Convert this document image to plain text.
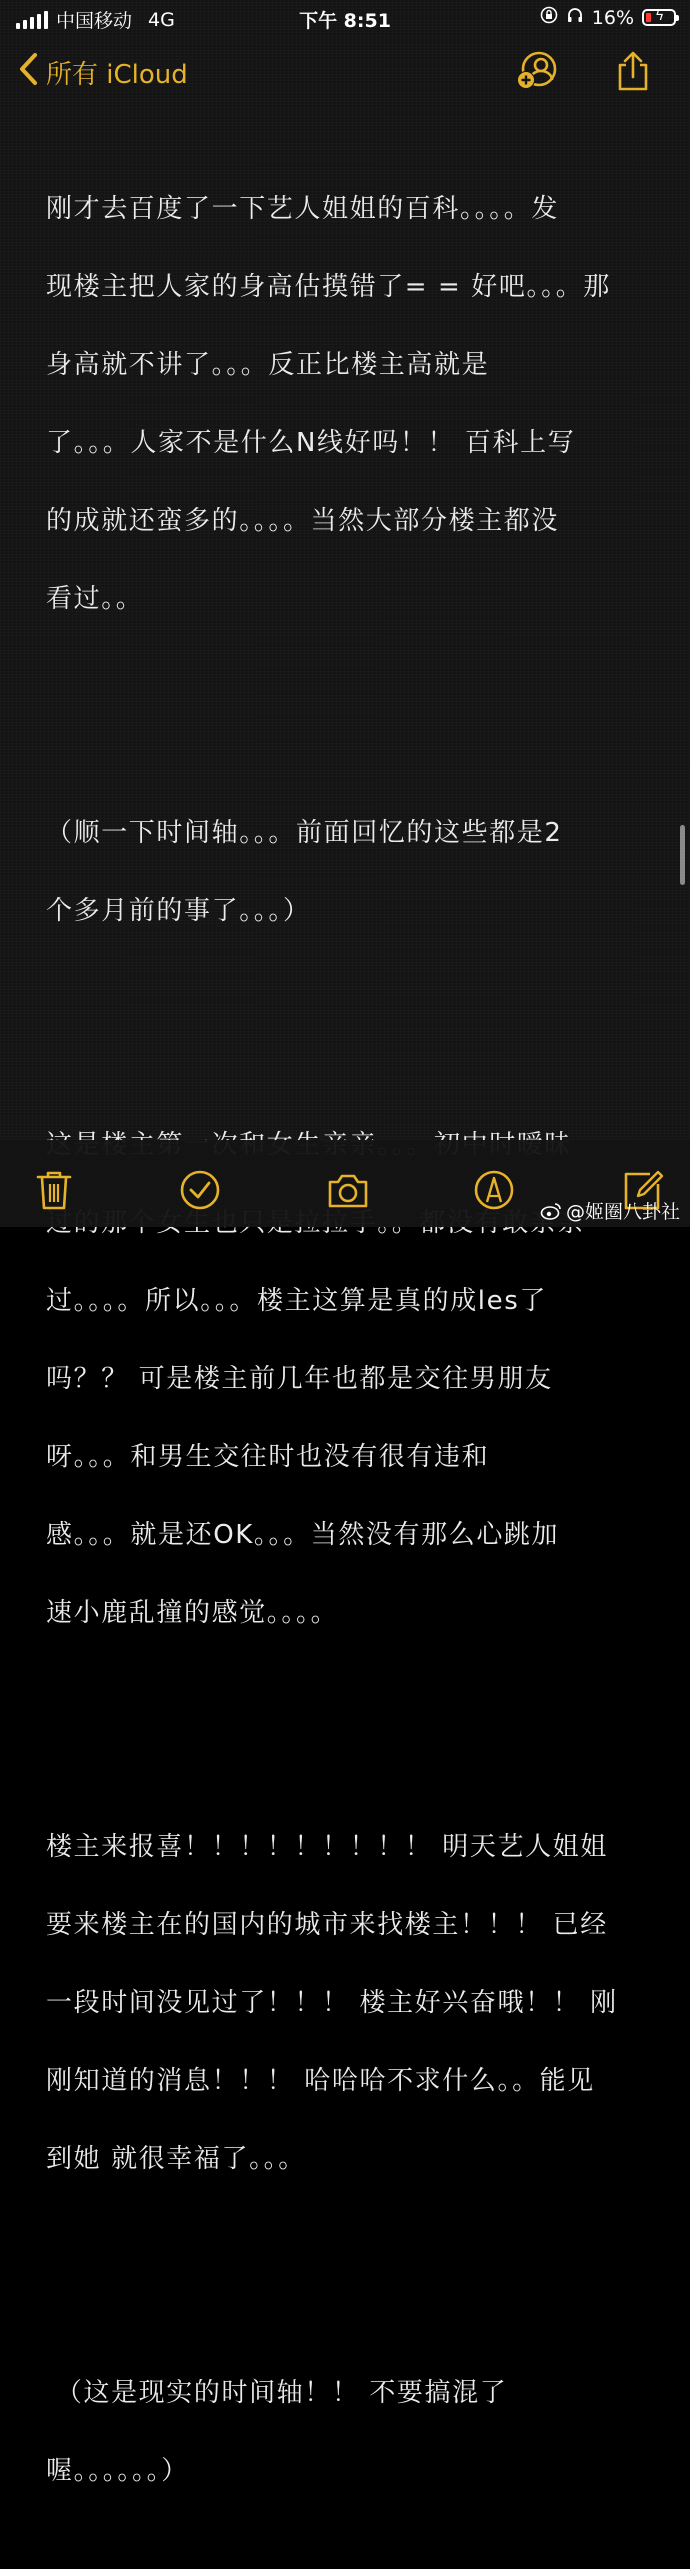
中国移动 4G	下午 8:51	16% ϟ
所有 iCloud

刚才去百度了一下艺人姐姐的百科。。。。发

现楼主把人家的身高估摸错了= = 好吧。。。那

身高就不讲了。。。反正比楼主高就是

了。。。人家不是什么N线好吗！！ 百科上写

的成就还蛮多的。。。。当然大部分楼主都没

看过。。

（顺一下时间轴。。。前面回忆的这些都是2

个多月前的事了。。。）

过。。。。所以。。。楼主这算是真的成les了

吗？？ 可是楼主前几年也都是交往男朋友

呀。。。和男生交往时也没有很有违和

感。。。就是还OK。。。当然没有那么心跳加

速小鹿乱撞的感觉。。。。

楼主来报喜！！！！！！！！！ 明天艺人姐姐

要来楼主在的国内的城市来找楼主！！！ 已经

一段时间没见过了！！！ 楼主好兴奋哦！！ 刚

刚知道的消息！！！ 哈哈哈不求什么。。能见

到她 就很幸福了。。。

（这是现实的时间轴！！ 不要搞混了

喔。。。。。。）

@姬圈八卦社
